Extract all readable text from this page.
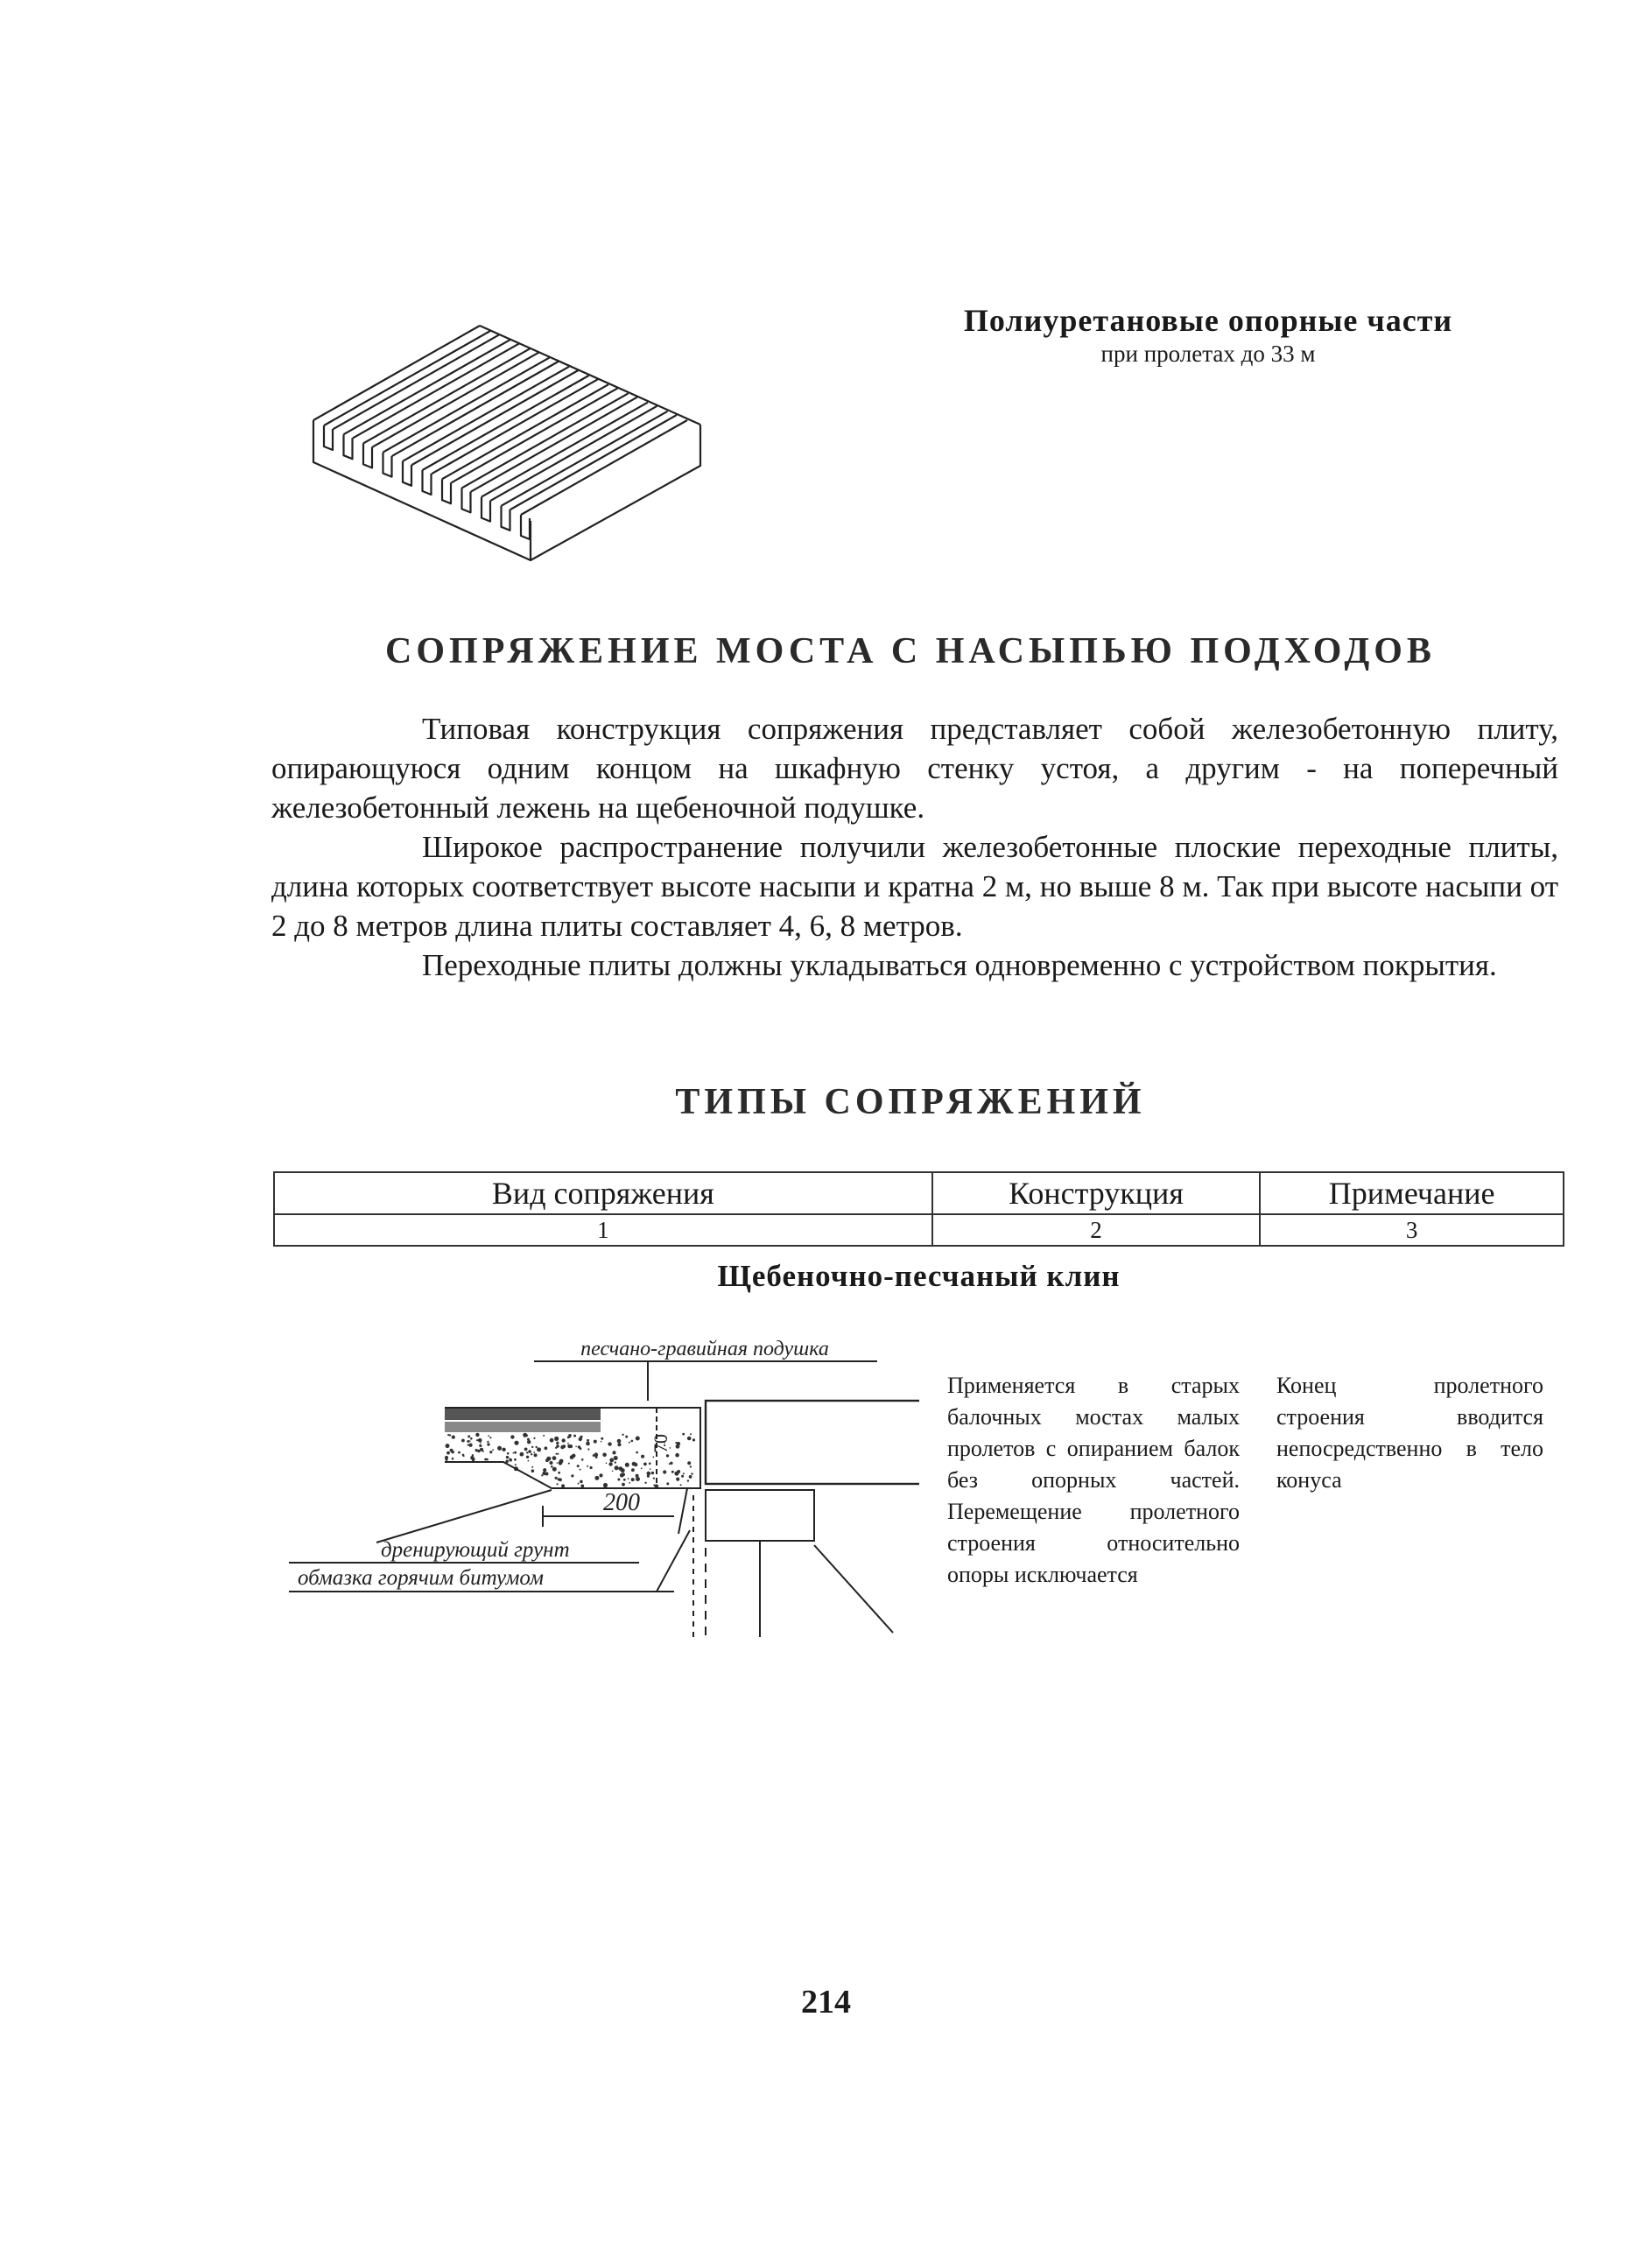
Полиуретановые опорные части
при пролетах до 33 м
СОПРЯЖЕНИЕ МОСТА С НАСЫПЬЮ ПОДХОДОВ

Типовая конструкция сопряжения представляет собой железобетонную плиту, опирающуюся одним концом на шкафную стенку устоя, а другим - на поперечный железобетонный лежень на щебеночной подушке.

Широкое распространение получили железобетонные плоские переходные плиты, длина которых соответствует высоте насыпи и кратна 2 м, но выше 8 м. Так при высоте насыпи от 2 до 8 метров длина плиты составляет 4, 6, 8 метров.

Переходные плиты должны укладываться одновременно с устройством покрытия.

ТИПЫ СОПРЯЖЕНИЙ
Вид сопряжения	Конструкция	Примечание
1	2	3
Щебеночно-песчаный клин
песчано-гравийная подушка
70
200
дренирующий грунт
обмазка горячим битумом
Применяется в старых балочных мостах малых пролетов с опиранием балок без опорных частей. Перемещение пролетного строения относительно опоры исключается
Конец пролетного строения вводится непосредственно в тело конуса
214
